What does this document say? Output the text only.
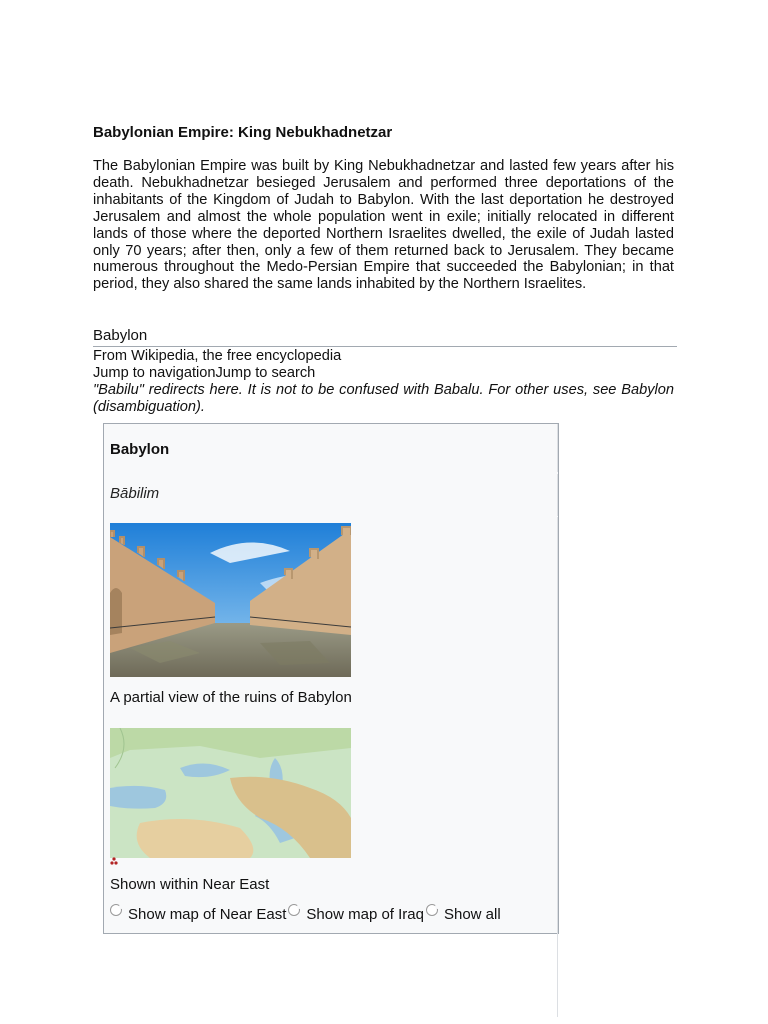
Babylonian Empire: King Nebukhadnetzar
The Babylonian Empire was built by King Nebukhadnetzar and lasted few years after his death. Nebukhadnetzar besieged Jerusalem and performed three deportations of the inhabitants of the Kingdom of Judah to Babylon. With the last deportation he destroyed Jerusalem and almost the whole population went in exile; initially relocated in different lands of those where the deported Northern Israelites dwelled, the exile of Judah lasted only 70 years; after then, only a few of them returned back to Jerusalem. They became numerous throughout the Medo-Persian Empire that succeeded the Babylonian; in that period, they also shared the same lands inhabited by the Northern Israelites.
Babylon
From Wikipedia, the free encyclopedia
Jump to navigationJump to search
"Babilu" redirects here. It is not to be confused with Babalu. For other uses, see Babylon (disambiguation).
Babylon
Bābilim
A partial view of the ruins of Babylon
Shown within Near East
Show map of Near East Show map of Iraq Show all
